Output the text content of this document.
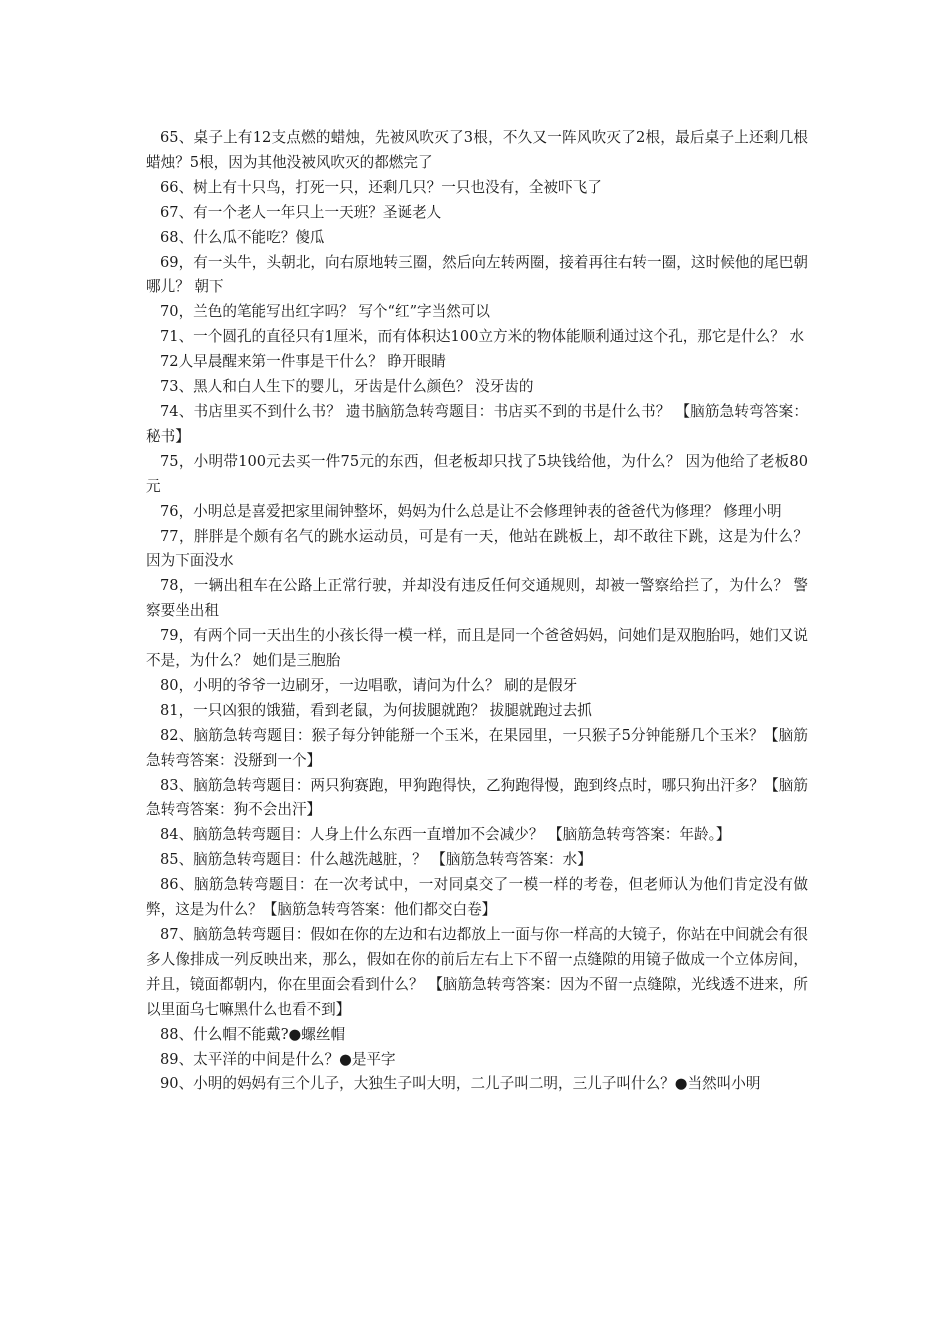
65、桌子上有12支点燃的蜡烛，先被风吹灭了3根，不久又一阵风吹灭了2根，最后桌子上还剩几根蜡烛？5根，因为其他没被风吹灭的都燃完了

66、树上有十只鸟，打死一只，还剩几只？一只也没有，全被吓飞了

67、有一个老人一年只上一天班？圣诞老人

68、什么瓜不能吃？傻瓜

69，有一头牛，头朝北，向右原地转三圈，然后向左转两圈，接着再往右转一圈，这时候他的尾巴朝哪儿？ 朝下

70，兰色的笔能写出红字吗？ 写个“红”字当然可以

71、一个圆孔的直径只有1厘米，而有体积达100立方米的物体能顺利通过这个孔，那它是什么？ 水

72人早晨醒来第一件事是干什么？ 睁开眼睛

73、黑人和白人生下的婴儿，牙齿是什么颜色？ 没牙齿的

74、书店里买不到什么书？ 遗书脑筋急转弯题目：书店买不到的书是什么书？ 【脑筋急转弯答案：秘书】

75，小明带100元去买一件75元的东西，但老板却只找了5块钱给他，为什么？ 因为他给了老板80元

76，小明总是喜爱把家里闹钟整坏，妈妈为什么总是让不会修理钟表的爸爸代为修理？ 修理小明

77，胖胖是个颇有名气的跳水运动员，可是有一天，他站在跳板上，却不敢往下跳，这是为什么？ 因为下面没水

78，一辆出租车在公路上正常行驶，并却没有违反任何交通规则，却被一警察给拦了，为什么？ 警察要坐出租

79，有两个同一天出生的小孩长得一模一样，而且是同一个爸爸妈妈，问她们是双胞胎吗，她们又说不是，为什么？ 她们是三胞胎

80，小明的爷爷一边刷牙，一边唱歌，请问为什么？ 刷的是假牙

81，一只凶狠的饿猫，看到老鼠，为何拔腿就跑？ 拔腿就跑过去抓

82、脑筋急转弯题目：猴子每分钟能掰一个玉米，在果园里，一只猴子5分钟能掰几个玉米？【脑筋急转弯答案：没掰到一个】

83、脑筋急转弯题目：两只狗赛跑，甲狗跑得快，乙狗跑得慢，跑到终点时，哪只狗出汗多？【脑筋急转弯答案：狗不会出汗】

84、脑筋急转弯题目：人身上什么东西一直增加不会减少？ 【脑筋急转弯答案：年龄。】

85、脑筋急转弯题目：什么越洗越脏，？ 【脑筋急转弯答案：水】

86、脑筋急转弯题目：在一次考试中，一对同桌交了一模一样的考卷，但老师认为他们肯定没有做弊，这是为什么？【脑筋急转弯答案：他们都交白卷】

87、脑筋急转弯题目：假如在你的左边和右边都放上一面与你一样高的大镜子，你站在中间就会有很多人像排成一列反映出来，那么，假如在你的前后左右上下不留一点缝隙的用镜子做成一个立体房间，并且，镜面都朝内，你在里面会看到什么？ 【脑筋急转弯答案：因为不留一点缝隙，光线透不进来，所以里面乌七嘛黑什么也看不到】

88、什么帽不能戴?●螺丝帽

89、太平洋的中间是什么？●是平字

90、小明的妈妈有三个儿子，大独生子叫大明，二儿子叫二明，三儿子叫什么？●当然叫小明
